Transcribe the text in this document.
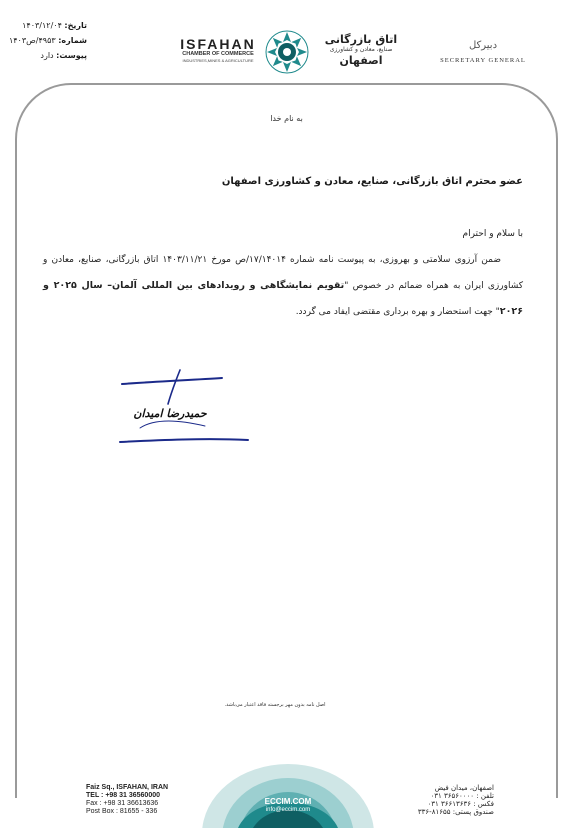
تاریخ: ۱۴۰۳/۱۲/۰۴
شماره: ۴۹۵۳/ص۱۴۰۳
پیوست: دارد
ISFAHAN
CHAMBER OF COMMERCE
INDUSTRIES,MINES & AGRICULTURE
اتاق بازرگانی
صنایع، معادن و کشاورزی
اصفهان
دبیرکل
SECRETARY GENERAL
به نام خدا
عضو محترم اتاق بازرگانی، صنایع، معادن و کشاورزی اصفهان
با سلام و احترام
ضمن آرزوی سلامتی و بهروزی، به پیوست نامه شماره ۱۷/۱۴۰۱۴/ص مورخ ۱۴۰۳/۱۱/۲۱ اتاق بازرگانی، صنایع، معادن و کشاورزی ایران به همراه ضمائم در خصوص "تقویم نمایشگاهی و رویدادهای بین المللی آلمان– سال ۲۰۲۵ و ۲۰۲۶" جهت استحضار و بهره برداری مقتضی ایفاد می گردد.
حمیدرضا امیدان
اصل نامه بدون مهر برجسته فاقد اعتبار می‌باشد.
ECCIM.COM
info@eccim.com
Faiz Sq., ISFAHAN, IRAN
TEL : +98 31 36560000
Fax : +98 31 36613636
Post Box : 81655 - 336
اصفهان، میدان فیض
تلفن : ۳۶۵۶۰۰۰۰ ۰۳۱
فکس : ۳۶۶۱۳۶۳۶ ۰۳۱
صندوق پستی: ۸۱۶۵۵-۳۳۶
